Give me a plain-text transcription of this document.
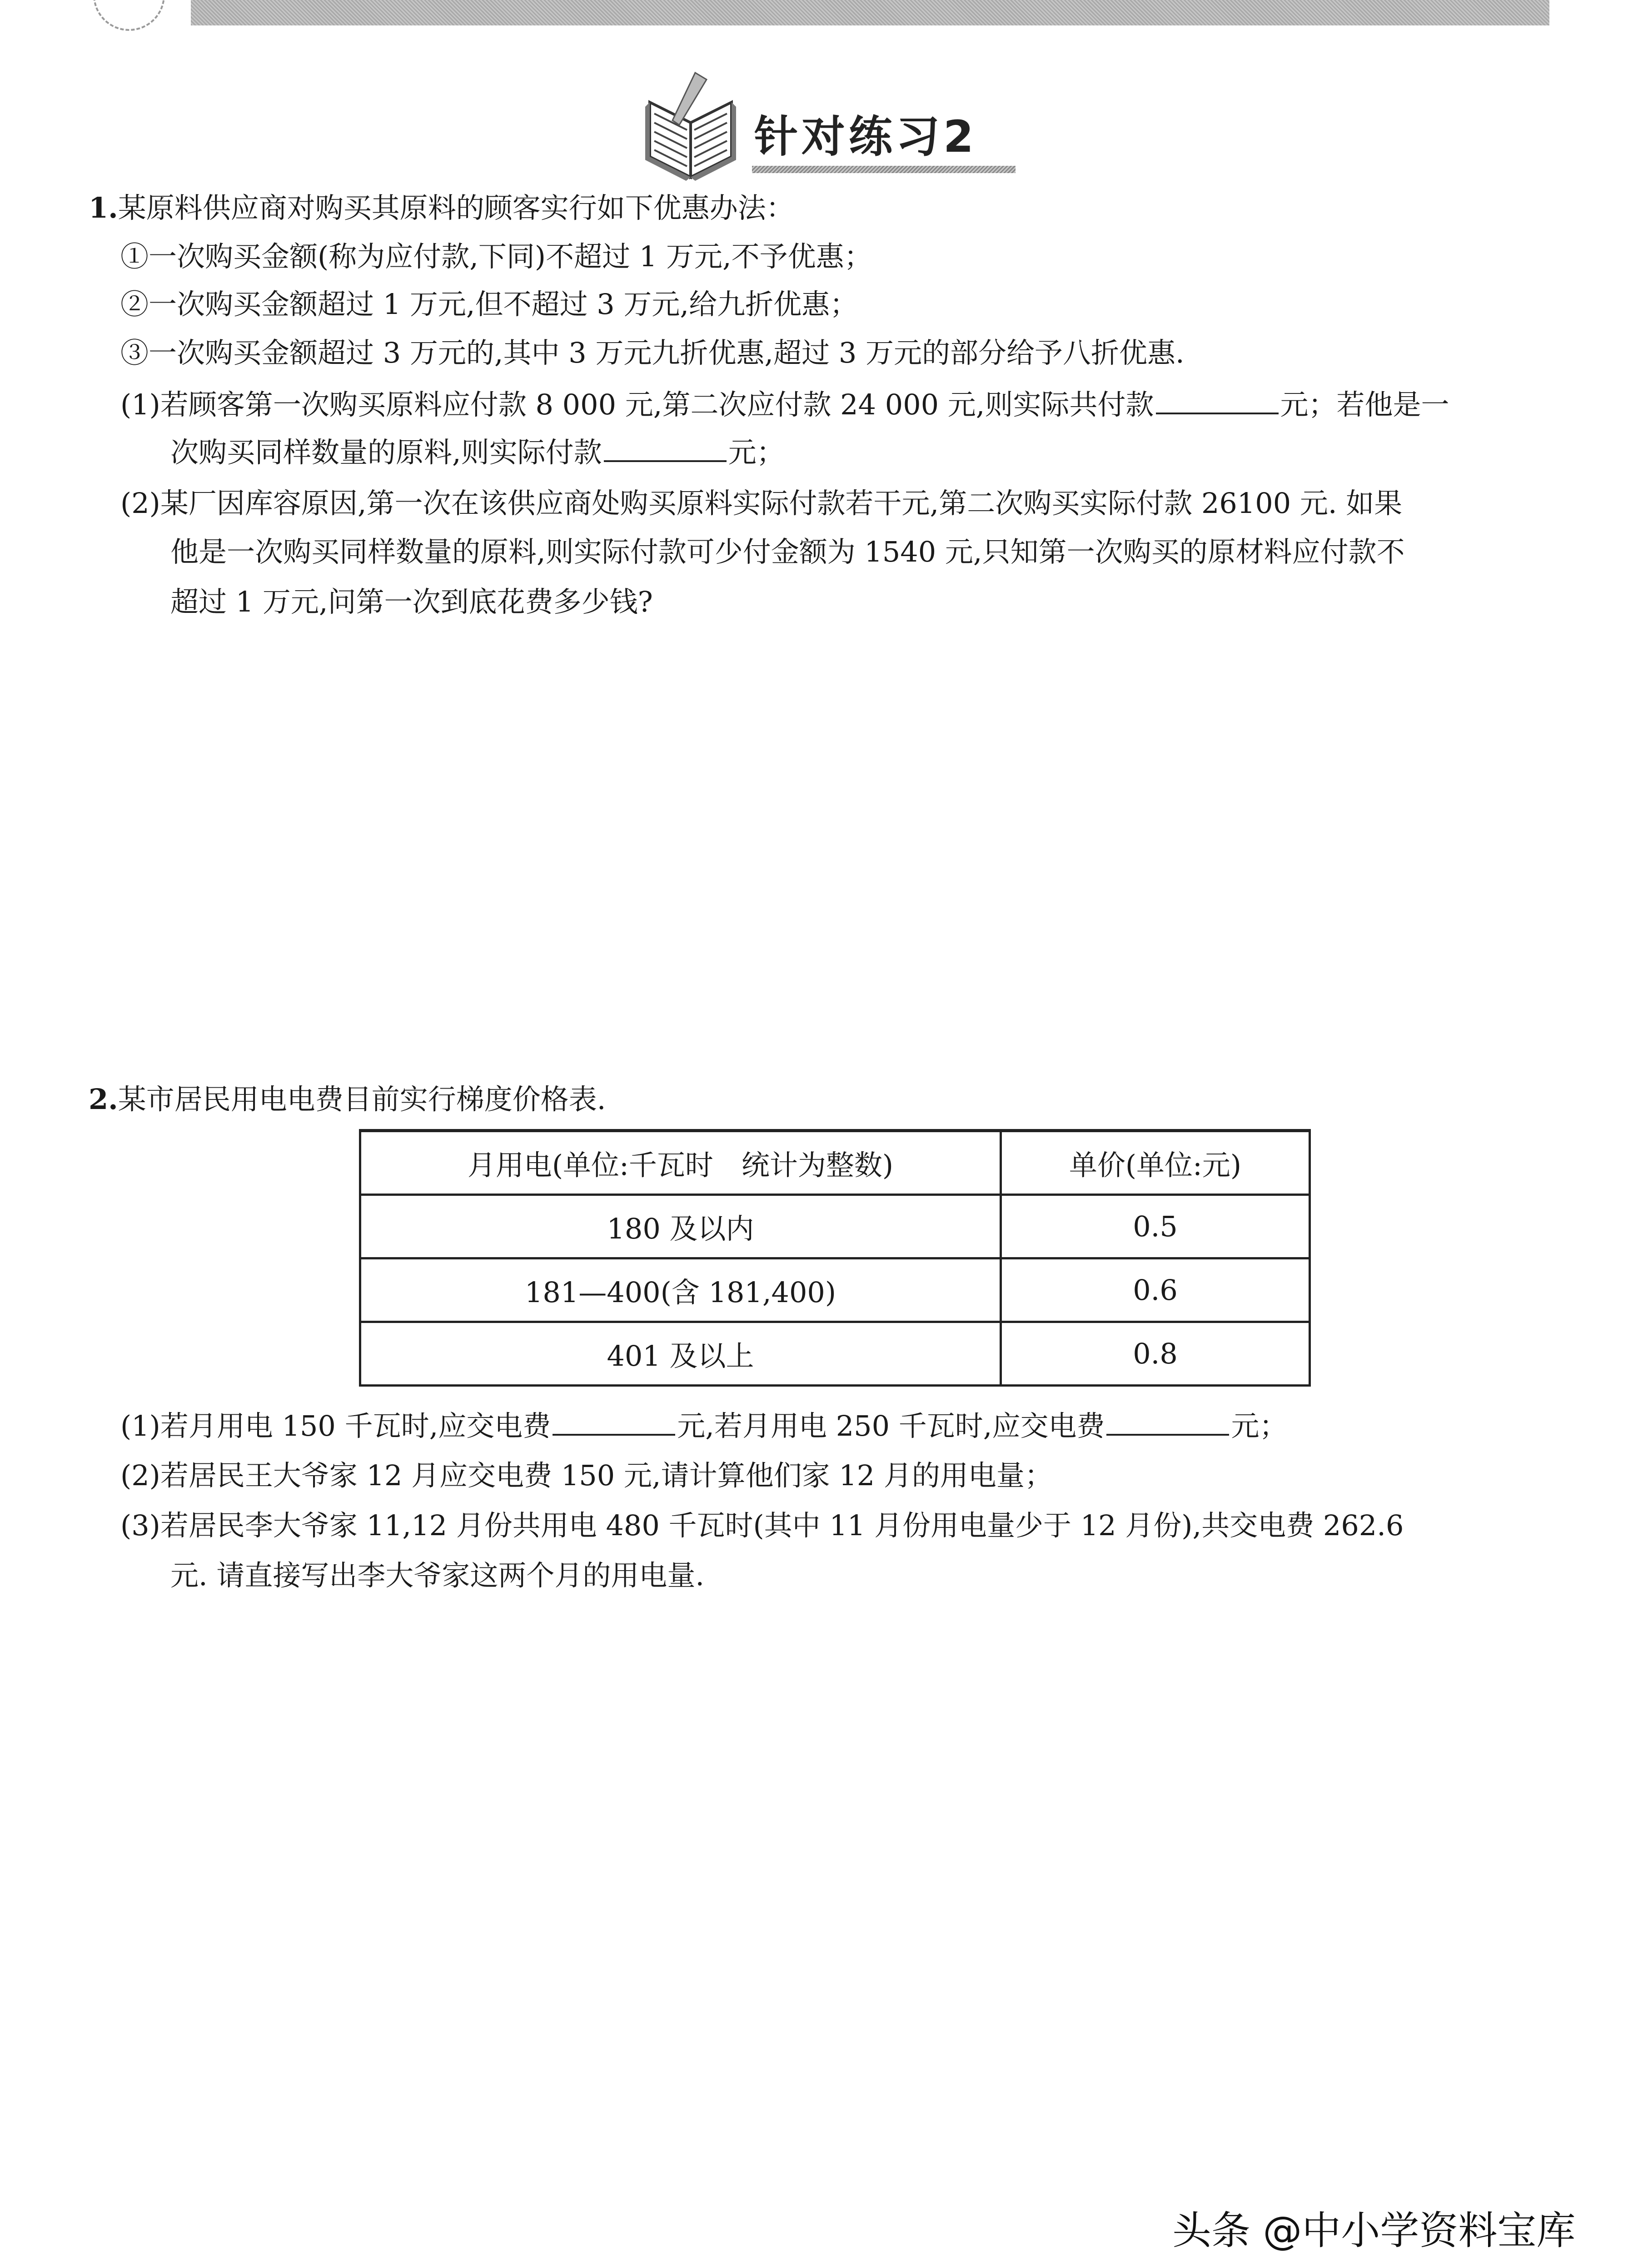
针对练习2
1.某原料供应商对购买其原料的顾客实行如下优惠办法：
①一次购买金额(称为应付款,下同)不超过 1 万元,不予优惠；
②一次购买金额超过 1 万元,但不超过 3 万元,给九折优惠；
③一次购买金额超过 3 万元的,其中 3 万元九折优惠,超过 3 万元的部分给予八折优惠.
(1)若顾客第一次购买原料应付款 8 000 元,第二次应付款 24 000 元,则实际共付款	元；若他是一
次购买同样数量的原料,则实际付款	元；
(2)某厂因库容原因,第一次在该供应商处购买原料实际付款若干元,第二次购买实际付款 26100 元. 如果
他是一次购买同样数量的原料,则实际付款可少付金额为 1540 元,只知第一次购买的原材料应付款不
超过 1 万元,问第一次到底花费多少钱?
2.某市居民用电电费目前实行梯度价格表.
月用电(单位:千瓦时　统计为整数)	单价(单位:元)
180 及以内	0.5
181—400(含 181,400)	0.6
401 及以上	0.8
(1)若月用电 150 千瓦时,应交电费	元,若月用电 250 千瓦时,应交电费	元；
(2)若居民王大爷家 12 月应交电费 150 元,请计算他们家 12 月的用电量；
(3)若居民李大爷家 11,12 月份共用电 480 千瓦时(其中 11 月份用电量少于 12 月份),共交电费 262.6
元. 请直接写出李大爷家这两个月的用电量.
头条 @中小学资料宝库
